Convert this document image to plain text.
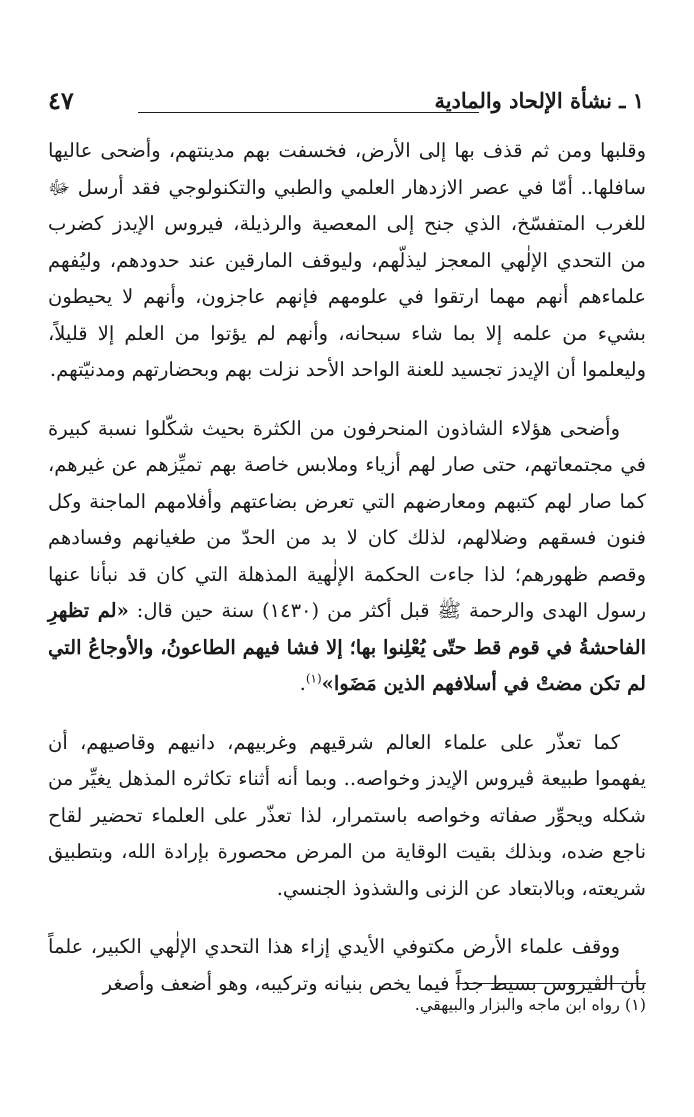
١ ـ نشأة الإلحاد والمادية
٤٧

وقلبها ومن ثم قذف بها إلى الأرض، فخسفت بهم مدينتهم، وأضحى عاليها سافلها.. أمّا في عصر الازدهار العلمي والطبي والتكنولوجي فقد أرسل ﷻ للغرب المتفسّخ، الذي جنح إلى المعصية والرذيلة، فيروس الإيدز كضرب من التحدي الإلٰهي المعجز ليذلّهم، وليوقف المارقين عند حدودهم، وليُفهم علماءهم أنهم مهما ارتقوا في علومهم فإنهم عاجزون، وأنهم لا يحيطون بشيء من علمه إلا بما شاء سبحانه، وأنهم لم يؤتوا من العلم إلا قليلاً، وليعلموا أن الإيدز تجسيد للعنة الواحد الأحد نزلت بهم وبحضارتهم ومدنيّتهم.

وأضحى هؤلاء الشاذون المنحرفون من الكثرة بحيث شكّلوا نسبة كبيرة في مجتمعاتهم، حتى صار لهم أزياء وملابس خاصة بهم تميِّزهم عن غيرهم، كما صار لهم كتبهم ومعارضهم التي تعرض بضاعتهم وأفلامهم الماجنة وكل فنون فسقهم وضلالهم، لذلك كان لا بد من الحدّ من طغيانهم وفسادهم وقصم ظهورهم؛ لذا جاءت الحكمة الإلٰهية المذهلة التي كان قد نبأنا عنها رسول الهدى والرحمة ﷺ قبل أكثر من (١٤٣٠) سنة حين قال: «لم تظهرِ الفاحشةُ في قوم قط حتّى يُعْلِنوا بها؛ إلا فشا فيهم الطاعونُ، والأوجاعُ التي لم تكن مضتْ في أسلافهم الذين مَضَوا»$^{(١)}$.

كما تعذّر على علماء العالم شرقيهم وغربيهم، دانيهم وقاصيهم، أن يفهموا طبيعة ڤيروس الإيدز وخواصه.. وبما أنه أثناء تكاثره المذهل يغيِّر من شكله ويحوِّر صفاته وخواصه باستمرار، لذا تعذّر على العلماء تحضير لقاح ناجع ضده، وبذلك بقيت الوقاية من المرض محصورة بإرادة الله، وبتطبيق شريعته، وبالابتعاد عن الزنى والشذوذ الجنسي.

ووقف علماء الأرض مكتوفي الأيدي إزاء هذا التحدي الإلٰهي الكبير، علماً بأن الڤيروس بسيط جداً فيما يخص بنيانه وتركيبه، وهو أضعف وأصغر

(١) رواه ابن ماجه والبزار والبيهقي.
